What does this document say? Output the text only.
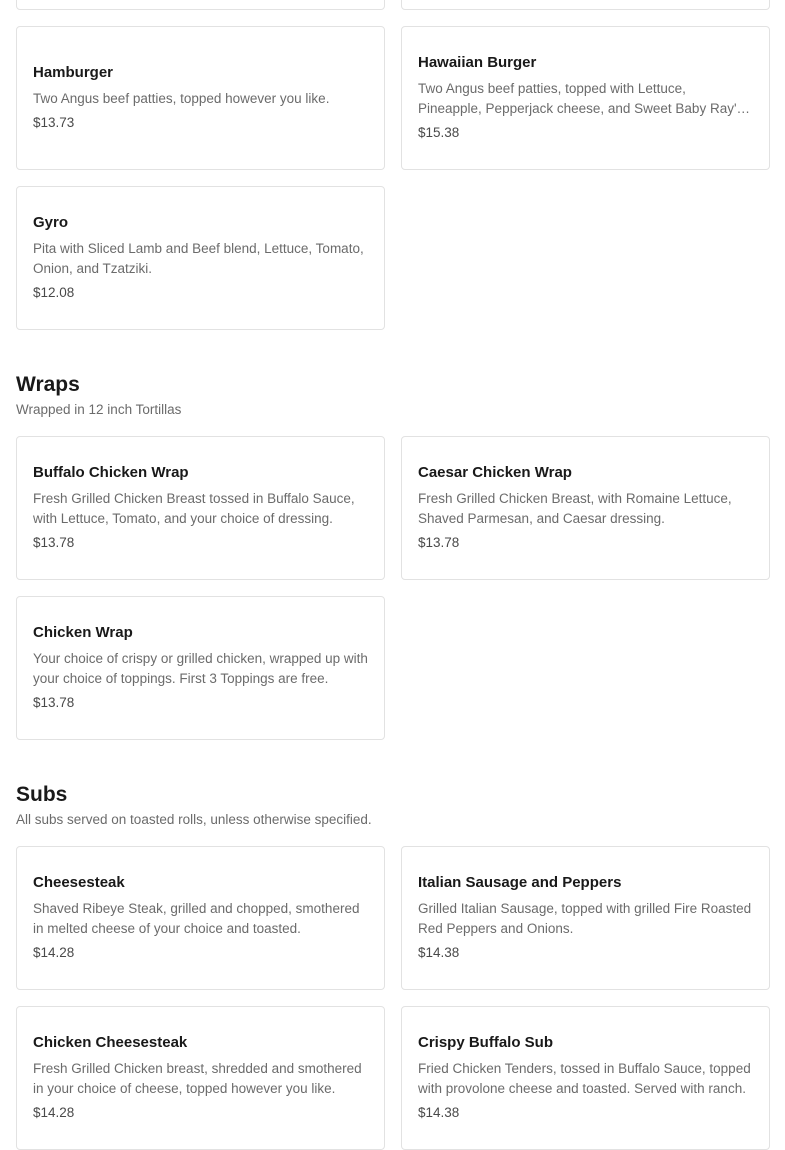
Hamburger

Two Angus beef patties, topped however you like.

$13.73

Hawaiian Burger

Two Angus beef patties, topped with Lettuce, Pineapple, Pepperjack cheese, and Sweet Baby Ray's

$15.38

Gyro

Pita with Sliced Lamb and Beef blend, Lettuce, Tomato, Onion, and Tzatziki.

$12.08

Wraps

Wrapped in 12 inch Tortillas

Buffalo Chicken Wrap

Fresh Grilled Chicken Breast tossed in Buffalo Sauce, with Lettuce, Tomato, and your choice of dressing.

$13.78

Caesar Chicken Wrap

Fresh Grilled Chicken Breast, with Romaine Lettuce, Shaved Parmesan, and Caesar dressing.

$13.78

Chicken Wrap

Your choice of crispy or grilled chicken, wrapped up with your choice of toppings. First 3 Toppings are free.

$13.78

Subs

All subs served on toasted rolls, unless otherwise specified.

Cheesesteak

Shaved Ribeye Steak, grilled and chopped, smothered in melted cheese of your choice and toasted.

$14.28

Italian Sausage and Peppers

Grilled Italian Sausage, topped with grilled Fire Roasted Red Peppers and Onions.

$14.38

Chicken Cheesesteak

Fresh Grilled Chicken breast, shredded and smothered in your choice of cheese, topped however you like.

$14.28

Crispy Buffalo Sub

Fried Chicken Tenders, tossed in Buffalo Sauce, topped with provolone cheese and toasted. Served with ranch.

$14.38
